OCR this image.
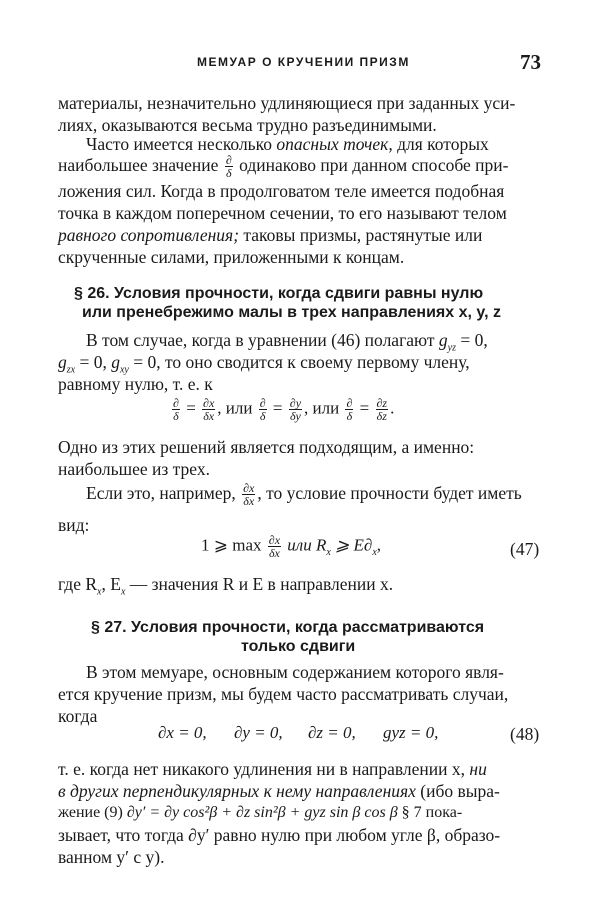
МЕМУАР О КРУЧЕНИИ ПРИЗМ	73
материалы, незначительно удлиняющиеся при заданных уси-
лиях, оказываются весьма трудно разъединимыми.
Часто имеется несколько опасных точек, для которых
наибольшее значение $\frac{\partial}{\delta}$ одинаково при данном способе при-
ложения сил. Когда в продолговатом теле имеется подобная
точка в каждом поперечном сечении, то его называют телом
равного сопротивления; таковы призмы, растянутые или
скрученные силами, приложенными к концам.
§ 26. Условия прочности, когда сдвиги равны нулю
или пренебрежимо малы в трех направлениях x, y, z
В том случае, когда в уравнении (46) полагают $g_{yz} = 0$,
$g_{zx} = 0$, $g_{xy} = 0$, то оно сводится к своему первому члену,
равному нулю, т. е. к
$\frac{\partial}{\delta} = \frac{\partial x}{\delta x}$ , или $\frac{\partial}{\delta} = \frac{\partial y}{\delta y}$ , или $\frac{\partial}{\delta} = \frac{\partial z}{\delta z}$ .
Одно из этих решений является подходящим, а именно:
наибольшее из трех.
Если это, например, $\frac{\partial x}{\delta x}$ , то условие прочности будет иметь
вид:
1 ⩾ $\max \frac{\partial x}{\delta x}$ или $R_x$ ⩾ $E\partial_x$,	(47)
где $R_x$, $E_x$ — значения R и E в направлении x.
§ 27. Условия прочности, когда рассматриваются
только сдвиги
В этом мемуаре, основным содержанием которого явля-
ется кручение призм, мы будем часто рассматривать случаи,
когда
∂x = 0, ∂y = 0, ∂z = 0, gyz = 0,	(48)
т. е. когда нет никакого удлинения ни в направлении x, ни
в других перпендикулярных к нему направлениях (ибо выра-
жение (9) ∂y′ = ∂y cos²β + ∂z sin²β + gyz sin β cos β § 7 пока-
зывает, что тогда ∂y′ равно нулю при любом угле β, образо-
ванном y′ с y).
